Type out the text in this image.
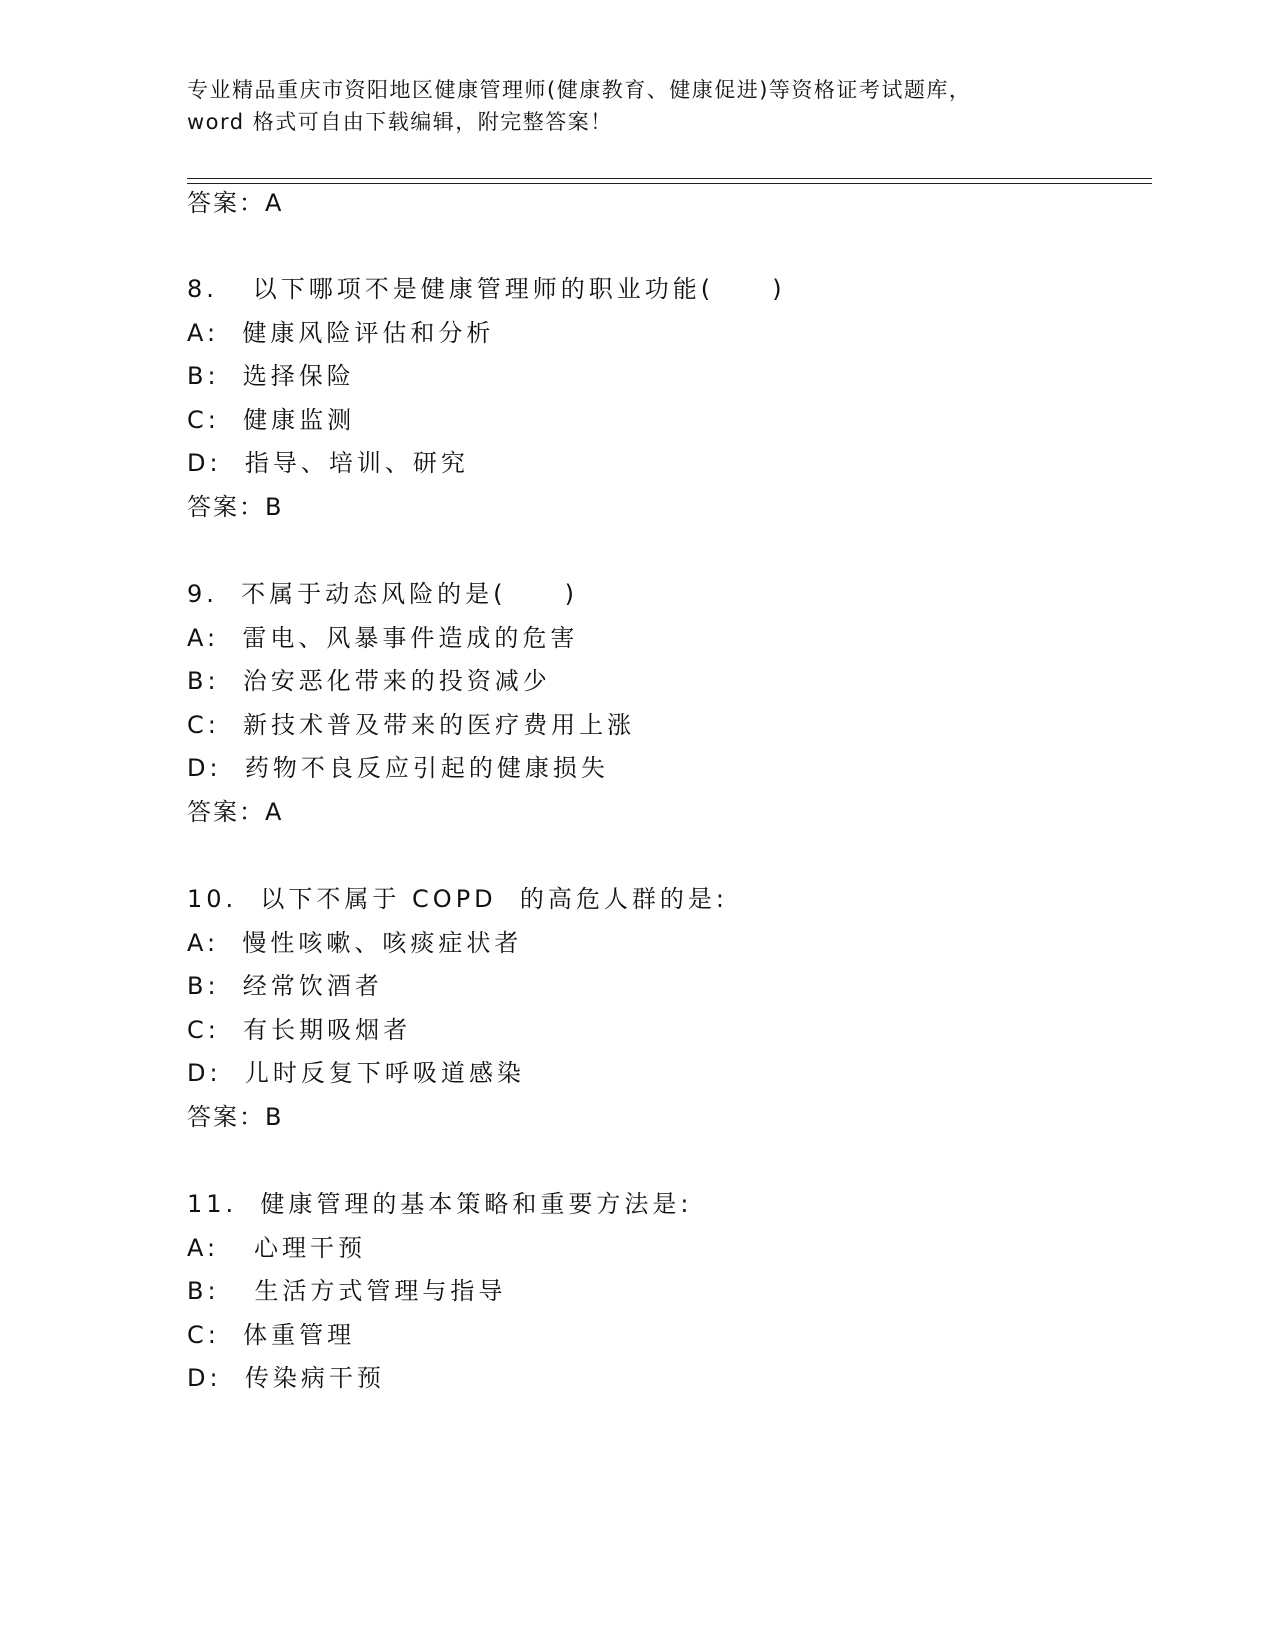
专业精品重庆市资阳地区健康管理师(健康教育、健康促进)等资格证考试题库，
word 格式可自由下载编辑，附完整答案！
答案：A
8.   以下哪项不是健康管理师的职业功能(     )
A:  健康风险评估和分析
B:  选择保险
C:  健康监测
D:  指导、培训、研究
答案：B
9.  不属于动态风险的是(     )
A:  雷电、风暴事件造成的危害
B:  治安恶化带来的投资减少
C:  新技术普及带来的医疗费用上涨
D:  药物不良反应引起的健康损失
答案：A
10.  以下不属于 COPD  的高危人群的是:
A:  慢性咳嗽、咳痰症状者
B:  经常饮酒者
C:  有长期吸烟者
D:  儿时反复下呼吸道感染
答案：B
11.  健康管理的基本策略和重要方法是:
A:   心理干预
B:   生活方式管理与指导
C:  体重管理
D:  传染病干预
